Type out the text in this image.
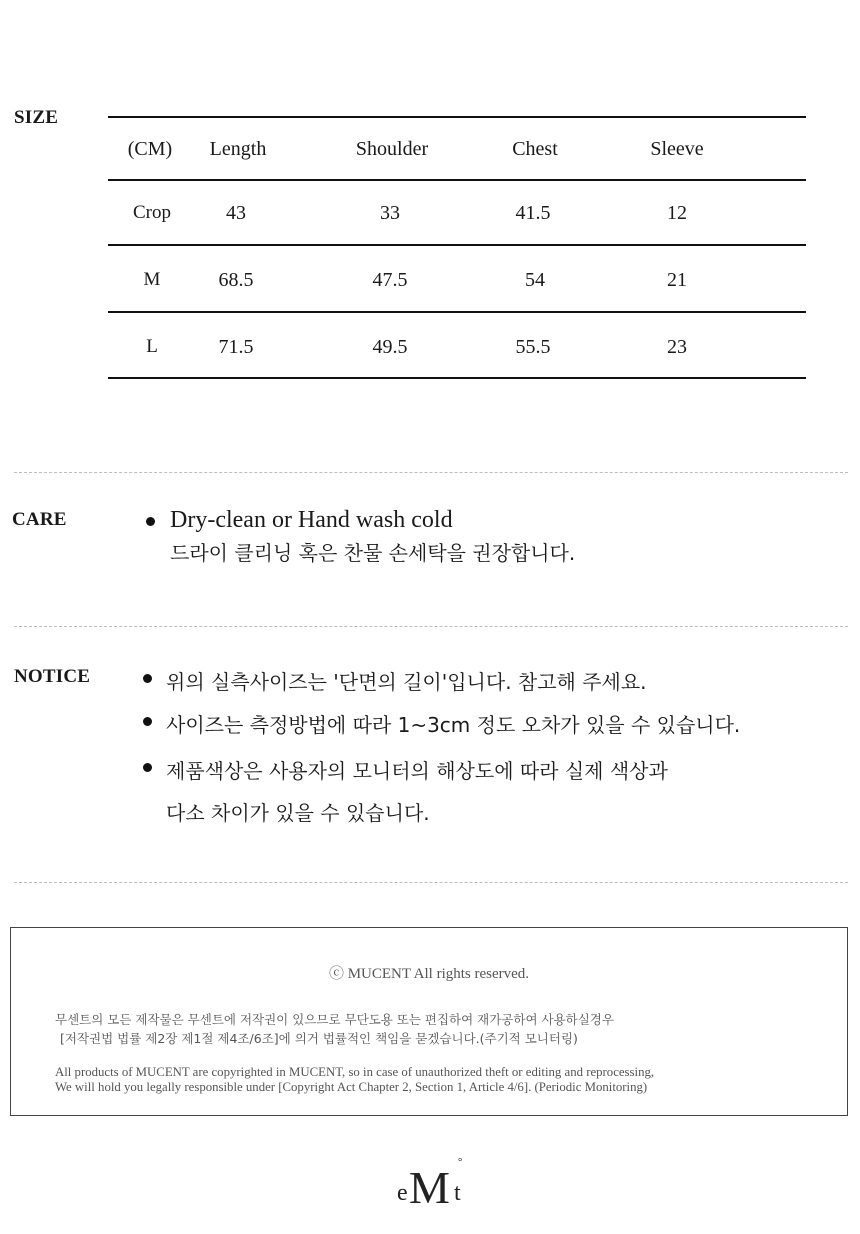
SIZE
(CM)	Length	Shoulder	Chest	Sleeve
Crop	43	33	41.5	12
M	68.5	47.5	54	21
L	71.5	49.5	55.5	23
CARE	Dry-clean or Hand wash cold
드라이 클리닝 혹은 찬물 손세탁을 권장합니다.
NOTICE	위의 실측사이즈는 '단면의 길이'입니다. 참고해 주세요.
사이즈는 측정방법에 따라 1~3cm 정도 오차가 있을 수 있습니다.
제품색상은 사용자의 모니터의 해상도에 따라 실제 색상과
다소 차이가 있을 수 있습니다.
ⓒ MUCENT All rights reserved.
무센트의 모든 제작물은 무센트에 저작권이 있으므로 무단도용 또는 편집하여 재가공하여 사용하실경우
[저작권법 법률 제2장 제1절 제4조/6조]에 의거 법률적인 책임을 묻겠습니다.(주기적 모니터링)
All products of MUCENT are copyrighted in MUCENT, so in case of unauthorized theft or editing and reprocessing,
We will hold you legally responsible under [Copyright Act Chapter 2, Section 1, Article 4/6]. (Periodic Monitoring)
e M t
°
